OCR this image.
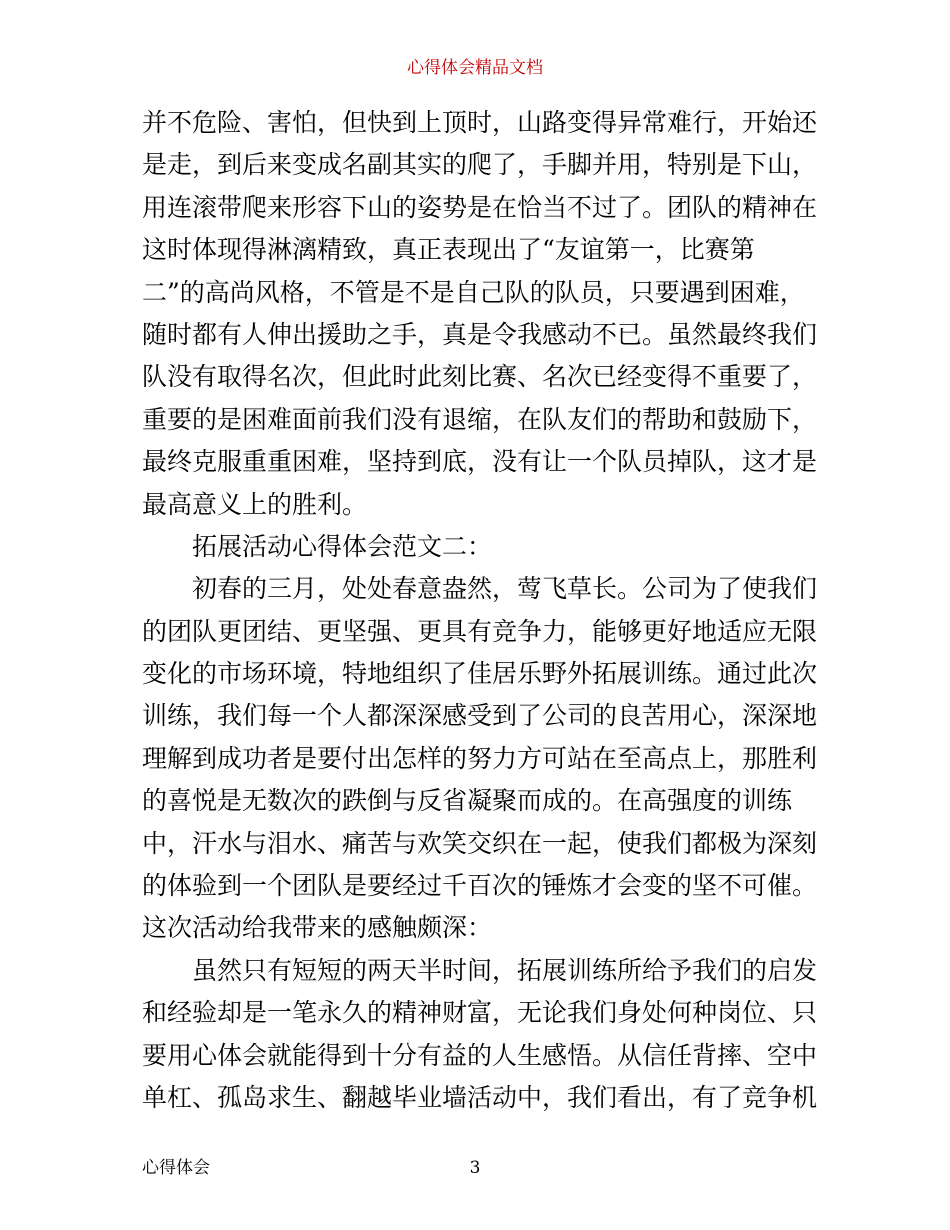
心得体会精品文档
并不危险、害怕，但快到上顶时，山路变得异常难行，开始还
是走，到后来变成名副其实的爬了，手脚并用，特别是下山，
用连滚带爬来形容下山的姿势是在恰当不过了。团队的精神在
这时体现得淋漓精致，真正表现出了“友谊第一，比赛第
二”的高尚风格，不管是不是自己队的队员，只要遇到困难，
随时都有人伸出援助之手，真是令我感动不已。虽然最终我们
队没有取得名次，但此时此刻比赛、名次已经变得不重要了，
重要的是困难面前我们没有退缩，在队友们的帮助和鼓励下，
最终克服重重困难，坚持到底，没有让一个队员掉队，这才是
最高意义上的胜利。
　　拓展活动心得体会范文二：
　　初春的三月，处处春意盎然，莺飞草长。公司为了使我们
的团队更团结、更坚强、更具有竞争力，能够更好地适应无限
变化的市场环境，特地组织了佳居乐野外拓展训练。通过此次
训练，我们每一个人都深深感受到了公司的良苦用心，深深地
理解到成功者是要付出怎样的努力方可站在至高点上，那胜利
的喜悦是无数次的跌倒与反省凝聚而成的。在高强度的训练
中，汗水与泪水、痛苦与欢笑交织在一起，使我们都极为深刻
的体验到一个团队是要经过千百次的锤炼才会变的坚不可催。
这次活动给我带来的感触颇深：
　　虽然只有短短的两天半时间，拓展训练所给予我们的启发
和经验却是一笔永久的精神财富，无论我们身处何种岗位、只
要用心体会就能得到十分有益的人生感悟。从信任背摔、空中
单杠、孤岛求生、翻越毕业墙活动中，我们看出，有了竞争机
心得体会	3
